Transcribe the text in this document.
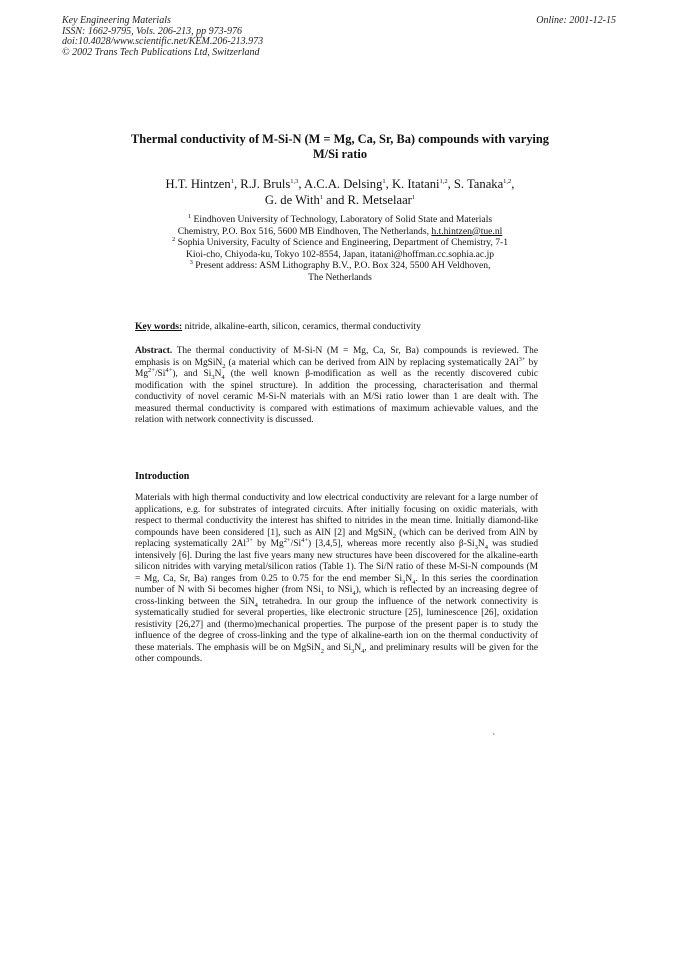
Key Engineering Materials
ISSN: 1662-9795, Vols. 206-213, pp 973-976
doi:10.4028/www.scientific.net/KEM.206-213.973
© 2002 Trans Tech Publications Ltd, Switzerland
Online: 2001-12-15
Thermal conductivity of M-Si-N (M = Mg, Ca, Sr, Ba) compounds with varying M/Si ratio
H.T. Hintzen$^1$, R.J. Bruls$^{1,3}$, A.C.A. Delsing$^1$, K. Itatani$^{1,2}$, S. Tanaka$^{1,2}$,
G. de With$^1$ and R. Metselaar$^1$
$^1$ Eindhoven University of Technology, Laboratory of Solid State and Materials
Chemistry, P.O. Box 516, 5600 MB Eindhoven, The Netherlands, h.t.hintzen@tue.nl
$^2$ Sophia University, Faculty of Science and Engineering, Department of Chemistry, 7-1
Kioi-cho, Chiyoda-ku, Tokyo 102-8554, Japan, itatani@hoffman.cc.sophia.ac.jp
$^3$ Present address: ASM Lithography B.V., P.O. Box 324, 5500 AH Veldhoven,
The Netherlands
Key words: nitride, alkaline-earth, silicon, ceramics, thermal conductivity
Abstract. The thermal conductivity of M-Si-N (M = Mg, Ca, Sr, Ba) compounds is reviewed. The emphasis is on MgSiN$_2$ (a material which can be derived from AlN by replacing systematically $2Al^{3+}$ by $Mg^{2+}/Si^{4+}$), and $Si_3N_4$ (the well known β-modification as well as the recently discovered cubic modification with the spinel structure). In addition the processing, characterisation and thermal conductivity of novel ceramic M-Si-N materials with an M/Si ratio lower than 1 are dealt with. The measured thermal conductivity is compared with estimations of maximum achievable values, and the relation with network connectivity is discussed.
Introduction
Materials with high thermal conductivity and low electrical conductivity are relevant for a large number of applications, e.g. for substrates of integrated circuits. After initially focusing on oxidic materials, with respect to thermal conductivity the interest has shifted to nitrides in the mean time. Initially diamond-like compounds have been considered [1], such as AlN [2] and MgSiN$_2$ (which can be derived from AlN by replacing systematically $2Al^{3+}$ by $Mg^{2+}/Si^{4+}$) [3,4,5], whereas more recently also $\beta-Si_3N_4$ was studied intensively [6]. During the last five years many new structures have been discovered for the alkaline-earth silicon nitrides with varying metal/silicon ratios (Table 1). The Si/N ratio of these M-Si-N compounds (M = Mg, Ca, Sr, Ba) ranges from 0.25 to 0.75 for the end member $Si_3N_4$. In this series the coordination number of N with Si becomes higher (from NSi$_1$ to NSi$_4$), which is reflected by an increasing degree of cross-linking between the SiN$_4$ tetrahedra. In our group the influence of the network connectivity is systematically studied for several properties, like electronic structure [25], luminescence [26], oxidation resistivity [26,27] and (thermo)mechanical properties. The purpose of the present paper is to study the influence of the degree of cross-linking and the type of alkaline-earth ion on the thermal conductivity of these materials. The emphasis will be on MgSiN$_2$ and $Si_3N_4$, and preliminary results will be given for the other compounds.
`
